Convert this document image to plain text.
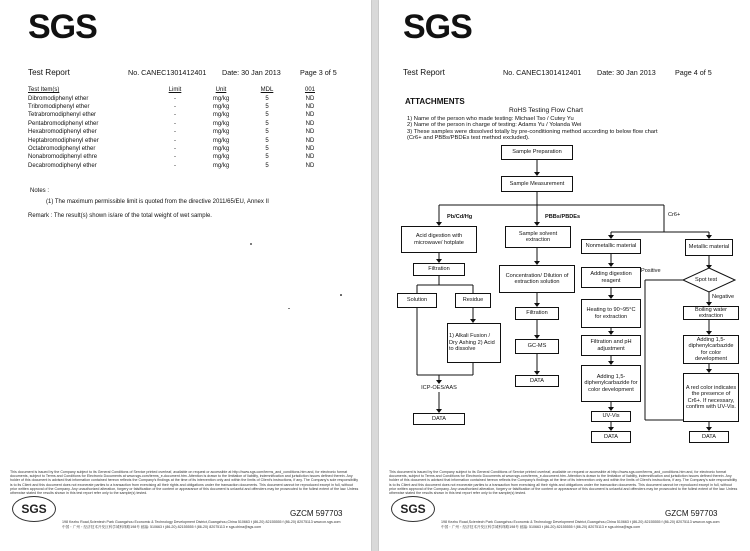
SGS
Test Report	No. CANEC1301412401 Date: 30 Jan 2013	Page 3 of 5
Test Item(s)	Limit	Unit	MDL	001
Dibromodiphenyl ether	-	mg/kg	5	ND
Tribromodiphenyl ether	-	mg/kg	5	ND
Tetrabromodiphenyl ether	-	mg/kg	5	ND
Pentabromodiphenyl ether	-	mg/kg	5	ND
Hexabromodiphenyl ether	-	mg/kg	5	ND
Heptabromodiphenyl ether	-	mg/kg	5	ND
Octabromodiphenyl ether	-	mg/kg	5	ND
Nonabromodiphenyl ethre	-	mg/kg	5	ND
Decabromodiphenyl ether	-	mg/kg	5	ND
Notes :
(1) The maximum permissible limit is quoted from the directive 2011/65/EU, Annex II
Remark : The result(s) shown is/are of the total weight of wet sample.
This document is issued by the Company subject to its General Conditions of Service printed overleaf, available on request or accessible at http://www.sgs.com/terms_and_conditions.htm and, for electronic format documents, subject to Terms and Conditions for Electronic Documents at www.sgs.com/terms_e-document.htm. Attention is drawn to the limitation of liability, indemnification and jurisdiction issues defined therein. Any holder of this document is advised that information contained hereon reflects the Company's findings at the time of its intervention only and within the limits of Client's instructions, if any. The Company's sole responsibility is to its Client and this document does not exonerate parties to a transaction from exercising all their rights and obligations under the transaction documents. This document cannot be reproduced except in full, without prior written approval of the Company. Any unauthorized alteration, forgery or falsification of the content or appearance of this document is unlawful and offenders may be prosecuted to the fullest extent of the law. Unless otherwise stated the results shown in this test report refer only to the sample(s) tested.
SGS	GZCM 597703
198 Kezhu Road,Scientech Park Guangzhou Economic & Technology Development District,Guangzhou,China 510663 t (86-20) 82155555 f (86-20) 82075113 www.cn.sgs.com
中国・广州・经济技术开发区科学城科珠路198号 邮编: 510663 t (86-20) 82155555 f (86-20) 82075113 e sgs.china@sgs.com
SGS
Test Report	No. CANEC1301412401 Date: 30 Jan 2013	Page 4 of 5
ATTACHMENTS
RoHS Testing Flow Chart
1) Name of the person who made testing: Michael Tso / Cutey Yu
2) Name of the person in charge of testing: Adams Yu / Yolanda Wei
3) These samples were dissolved totally by pre-conditioning method according to below flow chart
(Cr6+ and PBBs/PBDEs test method excluded).
Sample Preparation
Sample Measurement
Pb/Cd/Hg	PBBs/PBDEs	Cr6+
Acid digestion with microwave/ hotplate
Filtration
Solution	Residue
1) Alkali Fusion / Dry Ashing 2) Acid to dissolve
ICP-OES/AAS
DATA
Sample solvent extraction
Concentration/ Dilution of extraction solution
Filtration
GC-MS
DATA
Nonmetallic material
Adding digestion reagent
Heating to 90~95°C for extraction
Filtration and pH adjustment
Adding 1,5-diphenylcarbazide for color development
UV-Vis
DATA
Metallic material
Spot test
Positive
Negative
Boiling water extraction
Adding 1,5-diphenylcarbazide for color development
A red color indicates the presence of Cr6+. If necessary, confirm with UV-Vis.
DATA
This document is issued by the Company subject to its General Conditions of Service printed overleaf, available on request or accessible at http://www.sgs.com/terms_and_conditions.htm and, for electronic format documents, subject to Terms and Conditions for Electronic Documents at www.sgs.com/terms_e-document.htm. Attention is drawn to the limitation of liability, indemnification and jurisdiction issues defined therein. Any holder of this document is advised that information contained hereon reflects the Company's findings at the time of its intervention only and within the limits of Client's instructions, if any. The Company's sole responsibility is to its Client and this document does not exonerate parties to a transaction from exercising all their rights and obligations under the transaction documents. This document cannot be reproduced except in full, without prior written approval of the Company. Any unauthorized alteration, forgery or falsification of the content or appearance of this document is unlawful and offenders may be prosecuted to the fullest extent of the law. Unless otherwise stated the results shown in this test report refer only to the sample(s) tested.
SGS	GZCM 597703
198 Kezhu Road,Scientech Park Guangzhou Economic & Technology Development District,Guangzhou,China 510663 t (86-20) 82155555 f (86-20) 82075113 www.cn.sgs.com
中国・广州・经济技术开发区科学城科珠路198号 邮编: 510663 t (86-20) 82155555 f (86-20) 82075113 e sgs.china@sgs.com
